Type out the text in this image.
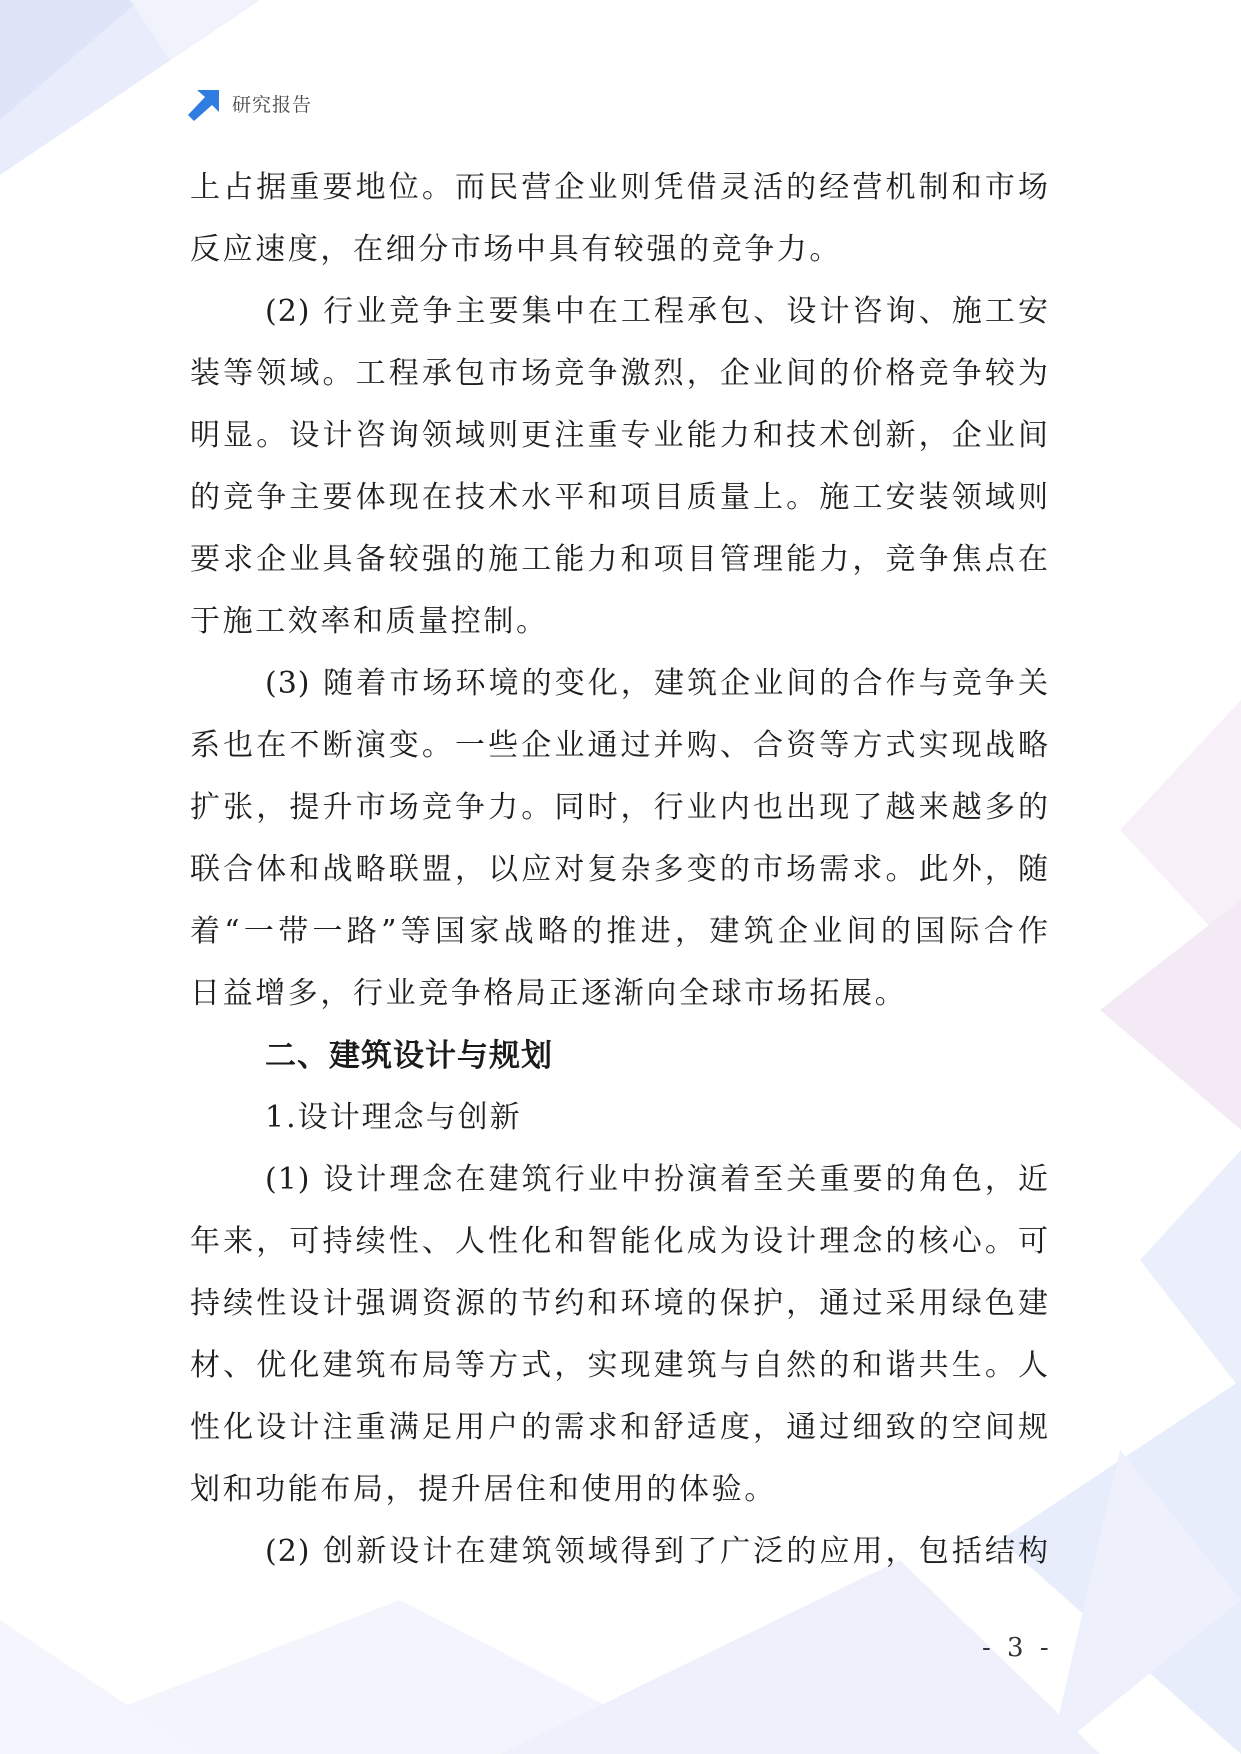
研究报告
上占据重要地位。而民营企业则凭借灵活的经营机制和市场
反应速度，在细分市场中具有较强的竞争力。
(2) 行业竞争主要集中在工程承包、设计咨询、施工安
装等领域。工程承包市场竞争激烈，企业间的价格竞争较为
明显。设计咨询领域则更注重专业能力和技术创新，企业间
的竞争主要体现在技术水平和项目质量上。施工安装领域则
要求企业具备较强的施工能力和项目管理能力，竞争焦点在
于施工效率和质量控制。
(3) 随着市场环境的变化，建筑企业间的合作与竞争关
系也在不断演变。一些企业通过并购、合资等方式实现战略
扩张，提升市场竞争力。同时，行业内也出现了越来越多的
联合体和战略联盟，以应对复杂多变的市场需求。此外，随
着“一带一路”等国家战略的推进，建筑企业间的国际合作
日益增多，行业竞争格局正逐渐向全球市场拓展。
二、建筑设计与规划
1.设计理念与创新
(1) 设计理念在建筑行业中扮演着至关重要的角色，近
年来，可持续性、人性化和智能化成为设计理念的核心。可
持续性设计强调资源的节约和环境的保护，通过采用绿色建
材、优化建筑布局等方式，实现建筑与自然的和谐共生。人
性化设计注重满足用户的需求和舒适度，通过细致的空间规
划和功能布局，提升居住和使用的体验。
(2) 创新设计在建筑领域得到了广泛的应用，包括结构
- 3 -
